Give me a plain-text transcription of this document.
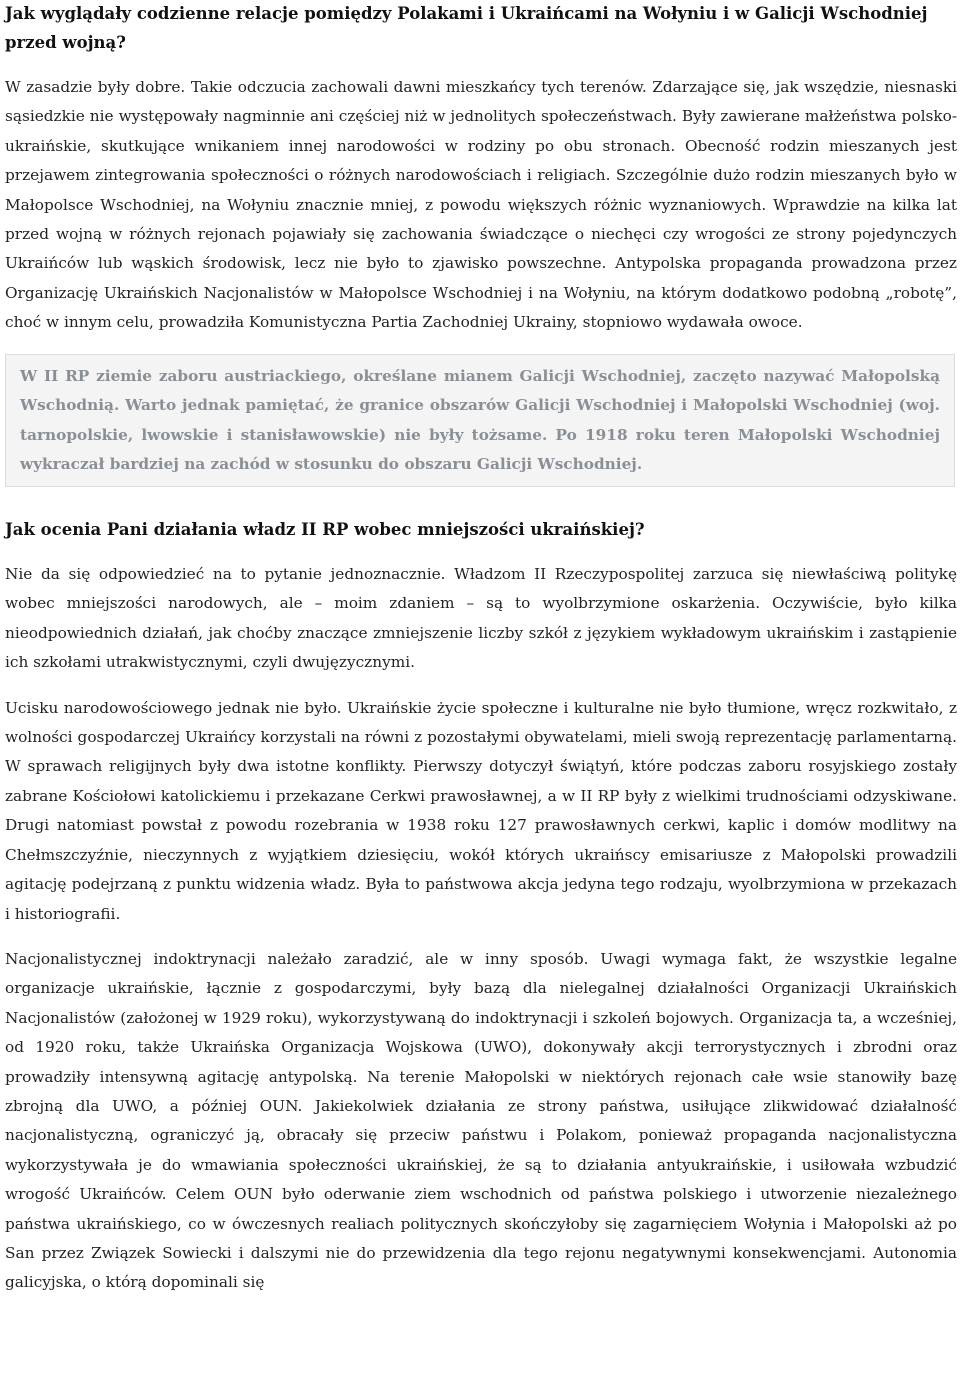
Jak wyglądały codzienne relacje pomiędzy Polakami i Ukraińcami na Wołyniu i w Galicji Wschodniej przed wojną?

W zasadzie były dobre. Takie odczucia zachowali dawni mieszkańcy tych terenów. Zdarzające się, jak wszędzie, niesnaski sąsiedzkie nie występowały nagminnie ani częściej niż w jednolitych społeczeństwach. Były zawierane małżeństwa polsko-ukraińskie, skutkujące wnikaniem innej narodowości w rodziny po obu stronach. Obecność rodzin mieszanych jest przejawem zintegrowania społeczności o różnych narodowościach i religiach. Szczególnie dużo rodzin mieszanych było w Małopolsce Wschodniej, na Wołyniu znacznie mniej, z powodu większych różnic wyznaniowych. Wprawdzie na kilka lat przed wojną w różnych rejonach pojawiały się zachowania świadczące o niechęci czy wrogości ze strony pojedynczych Ukraińców lub wąskich środowisk, lecz nie było to zjawisko powszechne. Antypolska propaganda prowadzona przez Organizację Ukraińskich Nacjonalistów w Małopolsce Wschodniej i na Wołyniu, na którym dodatkowo podobną „robotę”, choć w innym celu, prowadziła Komunistyczna Partia Zachodniej Ukrainy, stopniowo wydawała owoce.

W II RP ziemie zaboru austriackiego, określane mianem Galicji Wschodniej, zaczęto nazywać Małopolską Wschodnią. Warto jednak pamiętać, że granice obszarów Galicji Wschodniej i Małopolski Wschodniej (woj. tarnopolskie, lwowskie i stanisławowskie) nie były tożsame. Po 1918 roku teren Małopolski Wschodniej wykraczał bardziej na zachód w stosunku do obszaru Galicji Wschodniej.

Jak ocenia Pani działania władz II RP wobec mniejszości ukraińskiej?

Nie da się odpowiedzieć na to pytanie jednoznacznie. Władzom II Rzeczypospolitej zarzuca się niewłaściwą politykę wobec mniejszości narodowych, ale – moim zdaniem – są to wyolbrzymione oskarżenia. Oczywiście, było kilka nieodpowiednich działań, jak choćby znaczące zmniejszenie liczby szkół z językiem wykładowym ukraińskim i zastąpienie ich szkołami utrakwistycznymi, czyli dwujęzycznymi.

Ucisku narodowościowego jednak nie było. Ukraińskie życie społeczne i kulturalne nie było tłumione, wręcz rozkwitało, z wolności gospodarczej Ukraińcy korzystali na równi z pozostałymi obywatelami, mieli swoją reprezentację parlamentarną. W sprawach religijnych były dwa istotne konflikty. Pierwszy dotyczył świątyń, które podczas zaboru rosyjskiego zostały zabrane Kościołowi katolickiemu i przekazane Cerkwi prawosławnej, a w II RP były z wielkimi trudnościami odzyskiwane. Drugi natomiast powstał z powodu rozebrania w 1938 roku 127 prawosławnych cerkwi, kaplic i domów modlitwy na Chełmszczyźnie, nieczynnych z wyjątkiem dziesięciu, wokół których ukraińscy emisariusze z Małopolski prowadzili agitację podejrzaną z punktu widzenia władz. Była to państwowa akcja jedyna tego rodzaju, wyolbrzymiona w przekazach i historiografii.

Nacjonalistycznej indoktrynacji należało zaradzić, ale w inny sposób. Uwagi wymaga fakt, że wszystkie legalne organizacje ukraińskie, łącznie z gospodarczymi, były bazą dla nielegalnej działalności Organizacji Ukraińskich Nacjonalistów (założonej w 1929 roku), wykorzystywaną do indoktrynacji i szkoleń bojowych. Organizacja ta, a wcześniej, od 1920 roku, także Ukraińska Organizacja Wojskowa (UWO), dokonywały akcji terrorystycznych i zbrodni oraz prowadziły intensywną agitację antypolską. Na terenie Małopolski w niektórych rejonach całe wsie stanowiły bazę zbrojną dla UWO, a później OUN. Jakiekolwiek działania ze strony państwa, usiłujące zlikwidować działalność nacjonalistyczną, ograniczyć ją, obracały się przeciw państwu i Polakom, ponieważ propaganda nacjonalistyczna wykorzystywała je do wmawiania społeczności ukraińskiej, że są to działania antyukraińskie, i usiłowała wzbudzić wrogość Ukraińców. Celem OUN było oderwanie ziem wschodnich od państwa polskiego i utworzenie niezależnego państwa ukraińskiego, co w ówczesnych realiach politycznych skończyłoby się zagarnięciem Wołynia i Małopolski aż po San przez Związek Sowiecki i dalszymi nie do przewidzenia dla tego rejonu negatywnymi konsekwencjami. Autonomia galicyjska, o którą dopominali się
